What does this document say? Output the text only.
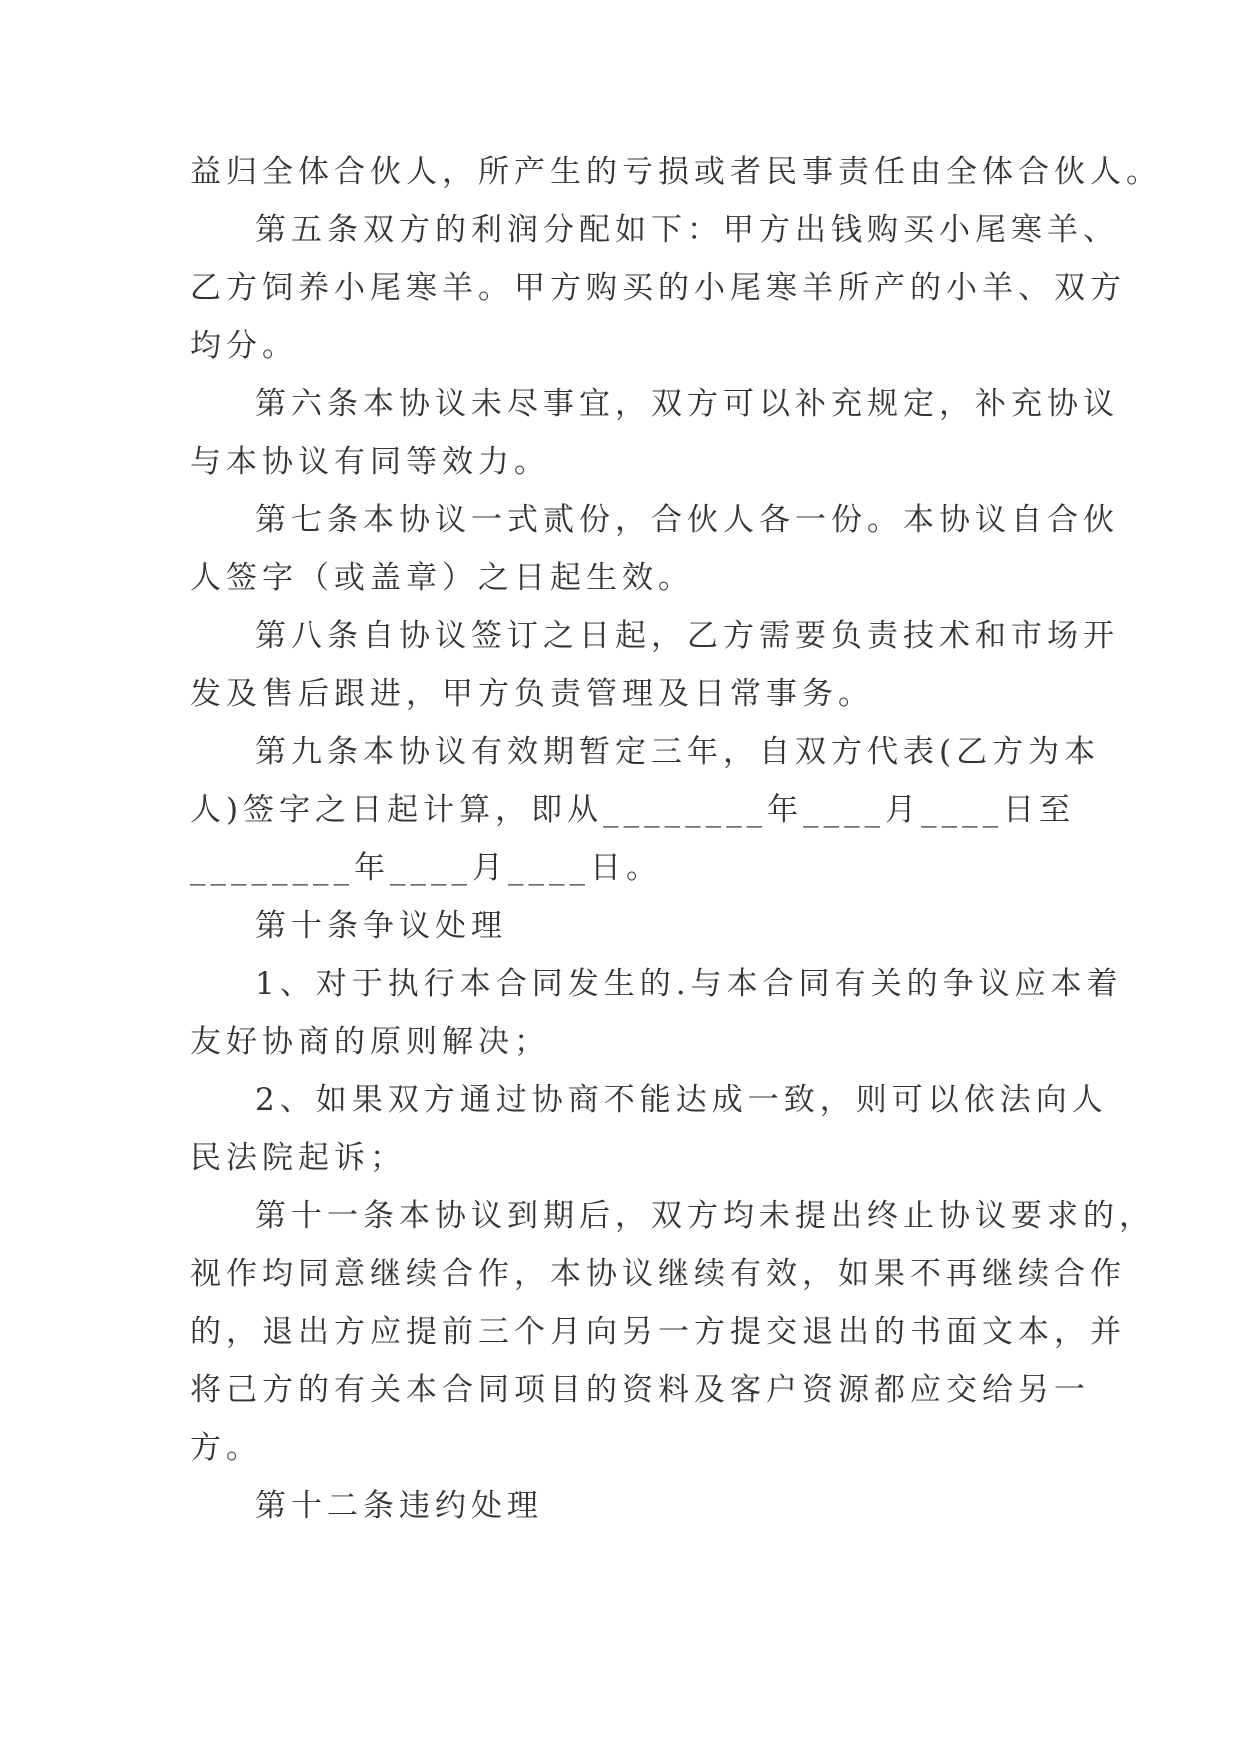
益归全体合伙人，所产生的亏损或者民事责任由全体合伙人。

第五条双方的利润分配如下：甲方出钱购买小尾寒羊、

乙方饲养小尾寒羊。甲方购买的小尾寒羊所产的小羊、双方

均分。

第六条本协议未尽事宜，双方可以补充规定，补充协议

与本协议有同等效力。

第七条本协议一式贰份，合伙人各一份。本协议自合伙

人签字（或盖章）之日起生效。

第八条自协议签订之日起，乙方需要负责技术和市场开

发及售后跟进，甲方负责管理及日常事务。

第九条本协议有效期暂定三年，自双方代表(乙方为本

人)签字之日起计算，即从________年____月____日至

________年____月____日。

第十条争议处理

1、对于执行本合同发生的.与本合同有关的争议应本着

友好协商的原则解决；

2、如果双方通过协商不能达成一致，则可以依法向人

民法院起诉；

第十一条本协议到期后，双方均未提出终止协议要求的，

视作均同意继续合作，本协议继续有效，如果不再继续合作

的，退出方应提前三个月向另一方提交退出的书面文本，并

将己方的有关本合同项目的资料及客户资源都应交给另一

方。

第十二条违约处理
